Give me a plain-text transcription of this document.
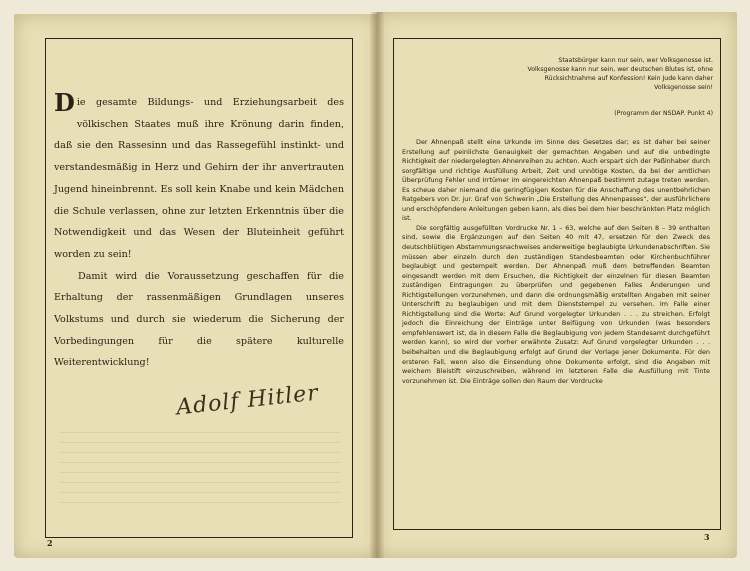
Die gesamte Bildungs- und Erziehungsarbeit des völkischen Staates muß ihre Krönung darin finden, daß sie den Rassesinn und das Rassegefühl instinkt- und verstandesmäßig in Herz und Gehirn der ihr anvertrauten Jugend hineinbrennt. Es soll kein Knabe und kein Mädchen die Schule verlassen, ohne zur letzten Erkenntnis über die Notwendigkeit und das Wesen der Bluteinheit geführt worden zu sein!

Damit wird die Voraussetzung geschaffen für die Erhaltung der rassenmäßigen Grundlagen unseres Volkstums und durch sie wiederum die Sicherung der Vorbedingungen für die spätere kulturelle Weiterentwicklung!

Adolf Hitler
2
Staatsbürger kann nur sein, wer Volksgenosse ist. Volksgenosse kann nur sein, wer deutschen Blutes ist, ohne Rücksichtnahme auf Konfession! Kein Jude kann daher Volksgenosse sein!
(Programm der NSDAP. Punkt 4)

Der Ahnenpaß stellt eine Urkunde im Sinne des Gesetzes dar; es ist daher bei seiner Erstellung auf peinlichste Genauigkeit der gemachten Angaben und auf die unbedingte Richtigkeit der niedergelegten Ahnenreihen zu achten. Auch erspart sich der Paßinhaber durch sorgfältige und richtige Ausfüllung Arbeit, Zeit und unnötige Kosten, da bei der amtlichen Überprüfung Fehler und Irrtümer im eingereichten Ahnenpaß bestimmt zutage treten werden. Es scheue daher niemand die geringfügigen Kosten für die Anschaffung des unentbehrlichen Ratgebers von Dr. jur. Graf von Schwerin „Die Erstellung des Ahnenpasses“, der ausführlichere und erschöpfendere Anleitungen geben kann, als dies bei dem hier beschränkten Platz möglich ist.

Die sorgfältig ausgefüllten Vordrucke Nr. 1 – 63, welche auf den Seiten 8 – 39 enthalten sind, sowie die Ergänzungen auf den Seiten 40 mit 47, ersetzen für den Zweck des deutschblütigen Abstammungsnachweises anderweitige beglaubigte Urkundenabschriften. Sie müssen aber einzeln durch den zuständigen Standesbeamten oder Kirchenbuchführer beglaubigt und gestempelt werden. Der Ahnenpaß muß dem betreffenden Beamten eingesandt werden mit dem Ersuchen, die Richtigkeit der einzelnen für diesen Beamten zuständigen Eintragungen zu überprüfen und gegebenen Falles Änderungen und Richtigstellungen vorzunehmen, und dann die ordnungsmäßig erstellten Angaben mit seiner Unterschrift zu beglaubigen und mit dem Dienststempel zu versehen. Im Falle einer Richtigstellung sind die Worte: Auf Grund vorgelegter Urkunden . . . zu streichen. Erfolgt jedoch die Einreichung der Einträge unter Beifügung von Urkunden (was besonders empfehlenswert ist, da in diesem Falle die Beglaubigung von jedem Standesamt durchgeführt werden kann), so wird der vorher erwähnte Zusatz: Auf Grund vorgelegter Urkunden . . . beibehalten und die Beglaubigung erfolgt auf Grund der Vorlage jener Dokumente. Für den ersteren Fall, wenn also die Einsendung ohne Dokumente erfolgt, sind die Angaben mit weichem Bleistift einzuschreiben, während im letzteren Falle die Ausfüllung mit Tinte vorzunehmen ist. Die Einträge sollen den Raum der Vordrucke

3
